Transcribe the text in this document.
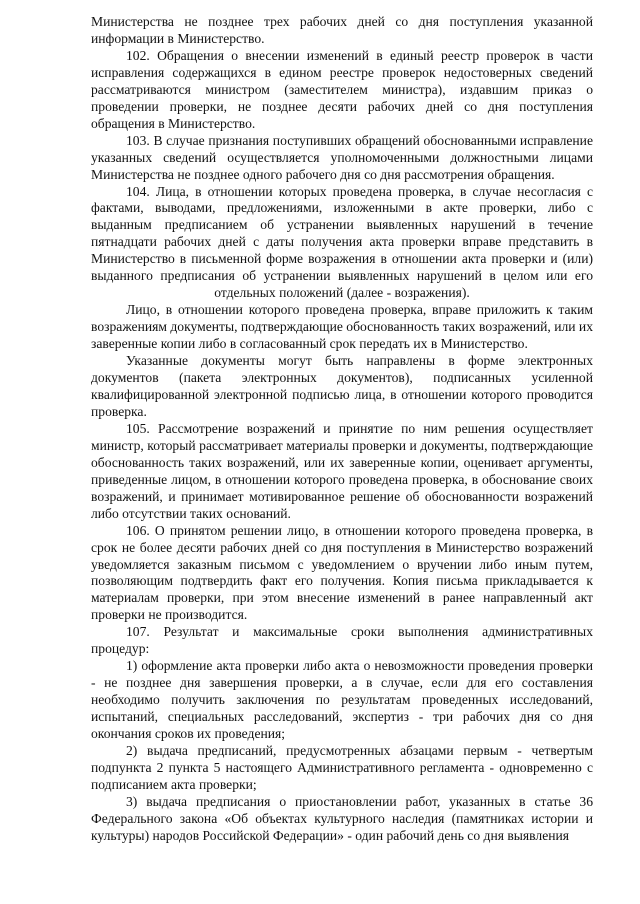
Министерства не позднее трех рабочих дней со дня поступления указанной информации в Министерство.

102. Обращения о внесении изменений в единый реестр проверок в части исправления содержащихся в едином реестре проверок недостоверных сведений рассматриваются министром (заместителем министра), издавшим приказ о проведении проверки, не позднее десяти рабочих дней со дня поступления обращения в Министерство.

103. В случае признания поступивших обращений обоснованными исправление указанных сведений осуществляется уполномоченными должностными лицами Министерства не позднее одного рабочего дня со дня рассмотрения обращения.

104. Лица, в отношении которых проведена проверка, в случае несогласия с фактами, выводами, предложениями, изложенными в акте проверки, либо с выданным предписанием об устранении выявленных нарушений в течение пятнадцати рабочих дней с даты получения акта проверки вправе представить в Министерство в письменной форме возражения в отношении акта проверки и (или) выданного предписания об устранении выявленных нарушений в целом или его отдельных положений (далее - возражения).

Лицо, в отношении которого проведена проверка, вправе приложить к таким возражениям документы, подтверждающие обоснованность таких возражений, или их заверенные копии либо в согласованный срок передать их в Министерство.

Указанные документы могут быть направлены в форме электронных документов (пакета электронных документов), подписанных усиленной квалифицированной электронной подписью лица, в отношении которого проводится проверка.

105. Рассмотрение возражений и принятие по ним решения осуществляет министр, который рассматривает материалы проверки и документы, подтверждающие обоснованность таких возражений, или их заверенные копии, оценивает аргументы, приведенные лицом, в отношении которого проведена проверка, в обоснование своих возражений, и принимает мотивированное решение об обоснованности возражений либо отсутствии таких оснований.

106. О принятом решении лицо, в отношении которого проведена проверка, в срок не более десяти рабочих дней со дня поступления в Министерство возражений уведомляется заказным письмом с уведомлением о вручении либо иным путем, позволяющим подтвердить факт его получения. Копия письма прикладывается к материалам проверки, при этом внесение изменений в ранее направленный акт проверки не производится.

107. Результат и максимальные сроки выполнения административных процедур:

1) оформление акта проверки либо акта о невозможности проведения проверки - не позднее дня завершения проверки, а в случае, если для его составления необходимо получить заключения по результатам проведенных исследований, испытаний, специальных расследований, экспертиз - три рабочих дня со дня окончания сроков их проведения;

2) выдача предписаний, предусмотренных абзацами первым - четвертым подпункта 2 пункта 5 настоящего Административного регламента - одновременно с подписанием акта проверки;

3) выдача предписания о приостановлении работ, указанных в статье 36 Федерального закона «Об объектах культурного наследия (памятниках истории и культуры) народов Российской Федерации» - один рабочий день со дня выявления
